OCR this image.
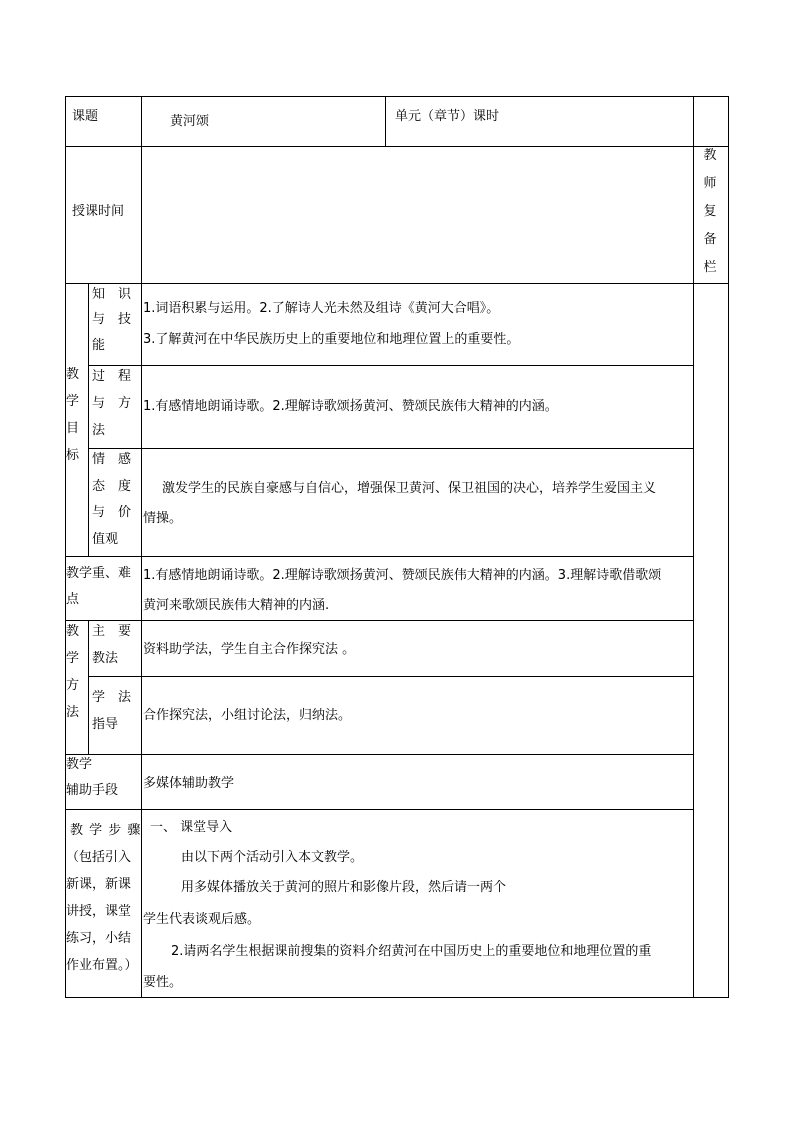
课题	黄河颂	单元（章节）课时
授课时间
教
师
复
备
栏
教
学
目
标
知　识
与　技
能
1.词语积累与运用。2.了解诗人光未然及组诗《黄河大合唱》。
3.了解黄河在中华民族历史上的重要地位和地理位置上的重要性。
过　程
与　方
法
1.有感情地朗诵诗歌。2.理解诗歌颂扬黄河、赞颂民族伟大精神的内涵。
情　感
态　度
与　价
值观
激发学生的民族自豪感与自信心，增强保卫黄河、保卫祖国的决心，培养学生爱国主义
情操。
教学重、难
点
1.有感情地朗诵诗歌。2.理解诗歌颂扬黄河、赞颂民族伟大精神的内涵。3.理解诗歌借歌颂
黄河来歌颂民族伟大精神的内涵.
教
学
方
法
主　要
教法
资料助学法，学生自主合作探究法 。
学　法
指导
合作探究法，小组讨论法，归纳法。
教学
辅助手段 多媒体辅助教学
教 学 步 骤
（包括引入
新课，新课
讲授，课堂
练习，小结
作业布置。）
一、 课堂导入
由以下两个活动引入本文教学。
用多媒体播放关于黄河的照片和影像片段，然后请一两个
学生代表谈观后感。
2.请两名学生根据课前搜集的资料介绍黄河在中国历史上的重要地位和地理位置的重
要性。
